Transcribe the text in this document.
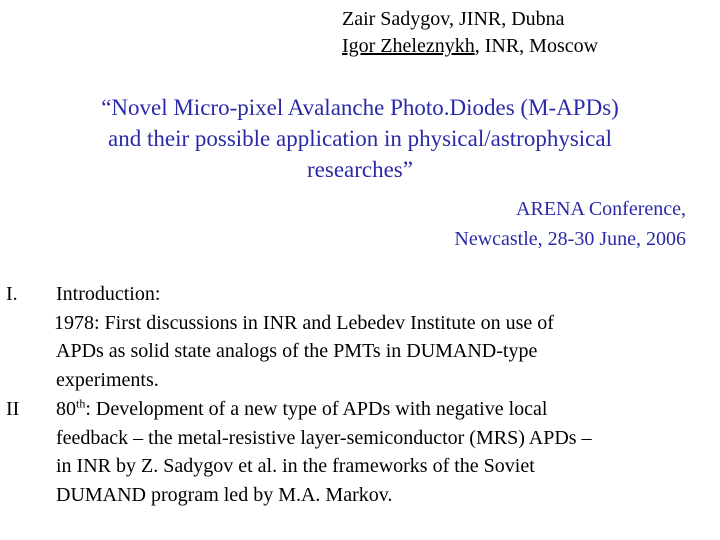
Zair Sadygov, JINR, Dubna
Igor Zheleznykh, INR, Moscow
“Novel Micro-pixel Avalanche Photo.Diodes (M-APDs)
and their possible application in physical/astrophysical
researches”
ARENA Conference,
Newcastle, 28-30 June, 2006
I. Introduction:
1978: First discussions in INR and Lebedev Institute on use of
APDs as solid state analogs of the PMTs in DUMAND-type
experiments.
II 80th: Development of a new type of APDs with negative local
feedback – the metal-resistive layer-semiconductor (MRS) APDs –
in INR by Z. Sadygov et al. in the frameworks of the Soviet
DUMAND program led by M.A. Markov.
